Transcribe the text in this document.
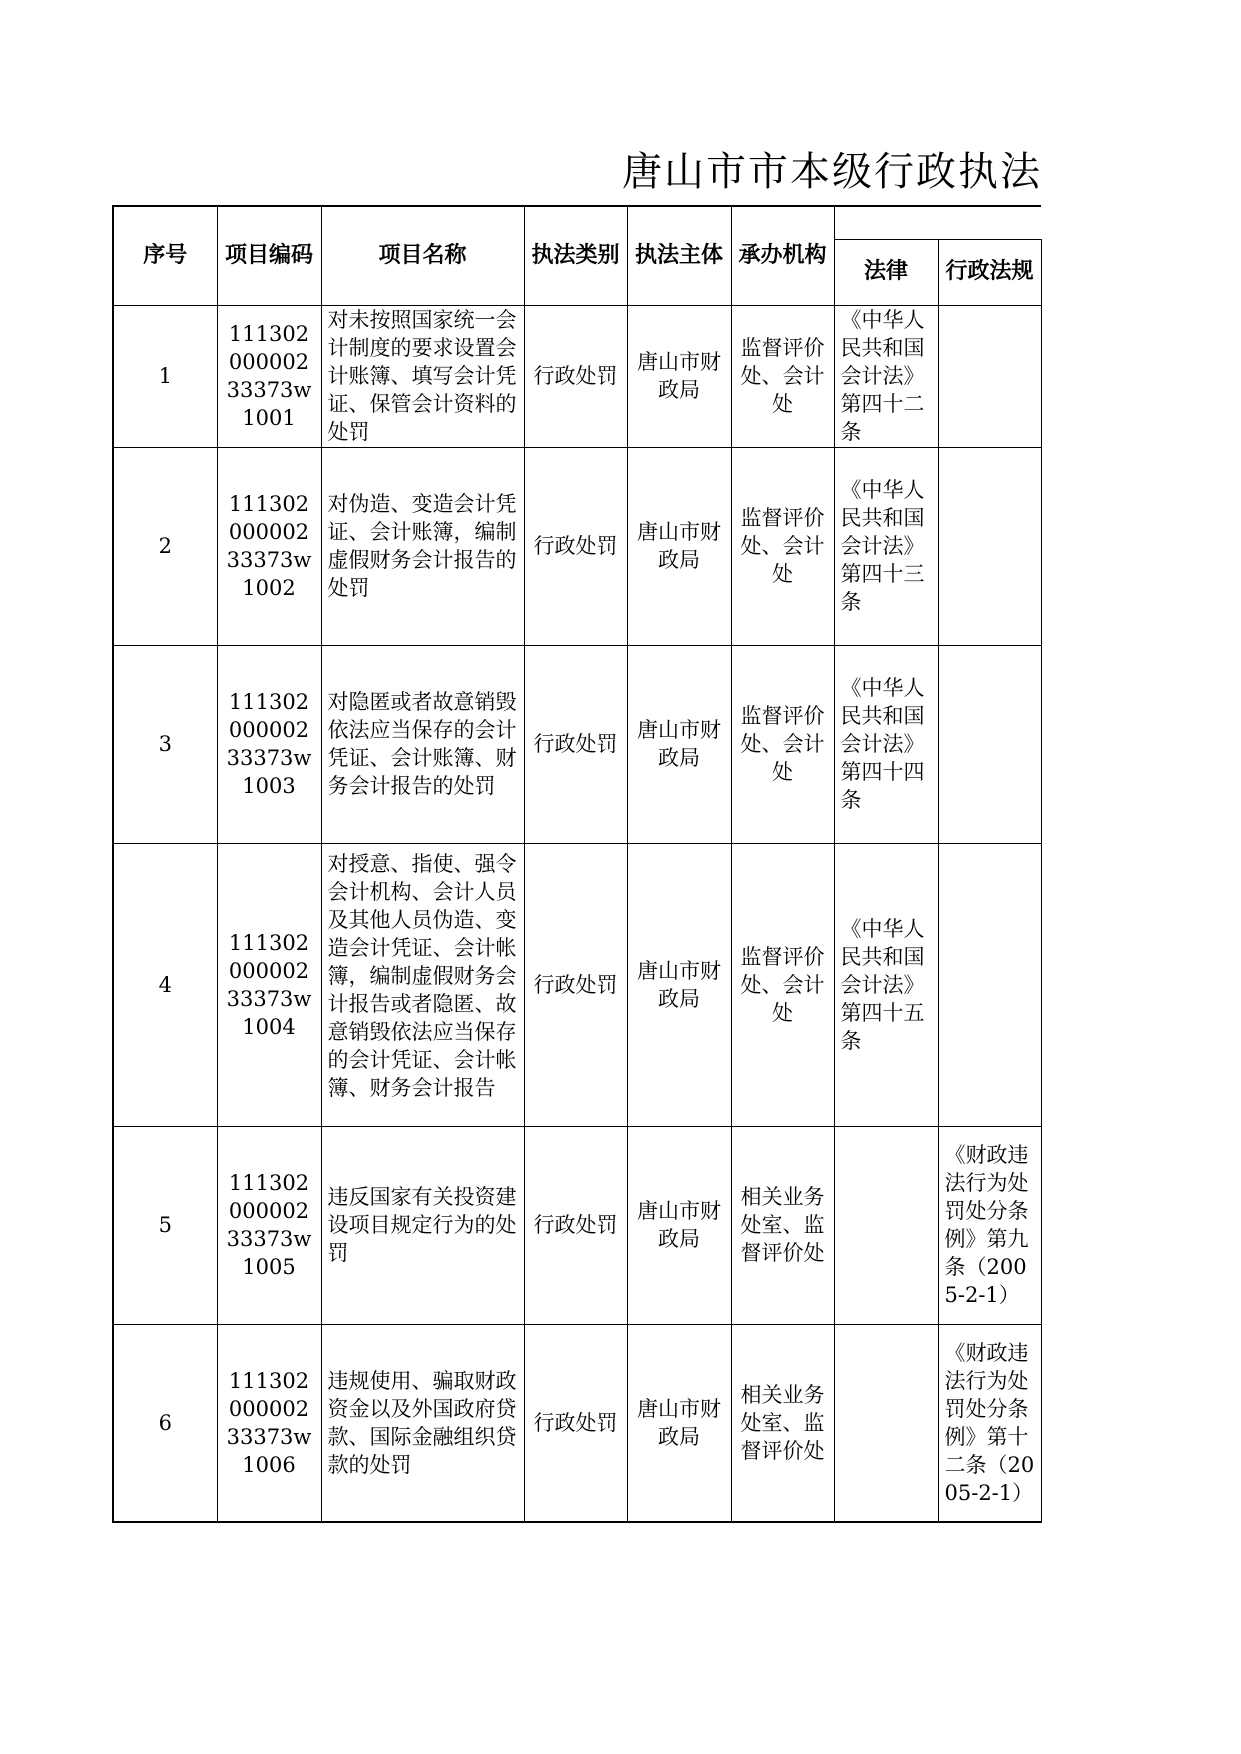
唐山市市本级行政执法
序号	项目编码	项目名称	执法类别	执法主体	承办机构		
						法律	行政法规
1	11130200000233373w1001	对未按照国家统一会计制度的要求设置会计账簿、填写会计凭证、保管会计资料的处罚	行政处罚	唐山市财政局	监督评价处、会计处	《中华人民共和国会计法》第四十二条	
2	11130200000233373w1002	对伪造、变造会计凭证、会计账簿，编制虚假财务会计报告的处罚	行政处罚	唐山市财政局	监督评价处、会计处	《中华人民共和国会计法》第四十三条	
3	11130200000233373w1003	对隐匿或者故意销毁依法应当保存的会计凭证、会计账簿、财务会计报告的处罚	行政处罚	唐山市财政局	监督评价处、会计处	《中华人民共和国会计法》第四十四条	
4	11130200000233373w1004	对授意、指使、强令会计机构、会计人员及其他人员伪造、变造会计凭证、会计帐簿，编制虚假财务会计报告或者隐匿、故意销毁依法应当保存的会计凭证、会计帐簿、财务会计报告	行政处罚	唐山市财政局	监督评价处、会计处	《中华人民共和国会计法》第四十五条	
5	11130200000233373w1005	违反国家有关投资建设项目规定行为的处罚	行政处罚	唐山市财政局	相关业务处室、监督评价处		《财政违法行为处罚处分条例》第九条（2005-2-1）
6	11130200000233373w1006	违规使用、骗取财政资金以及外国政府贷款、国际金融组织贷款的处罚	行政处罚	唐山市财政局	相关业务处室、监督评价处		《财政违法行为处罚处分条例》第十二条（2005-2-1）
